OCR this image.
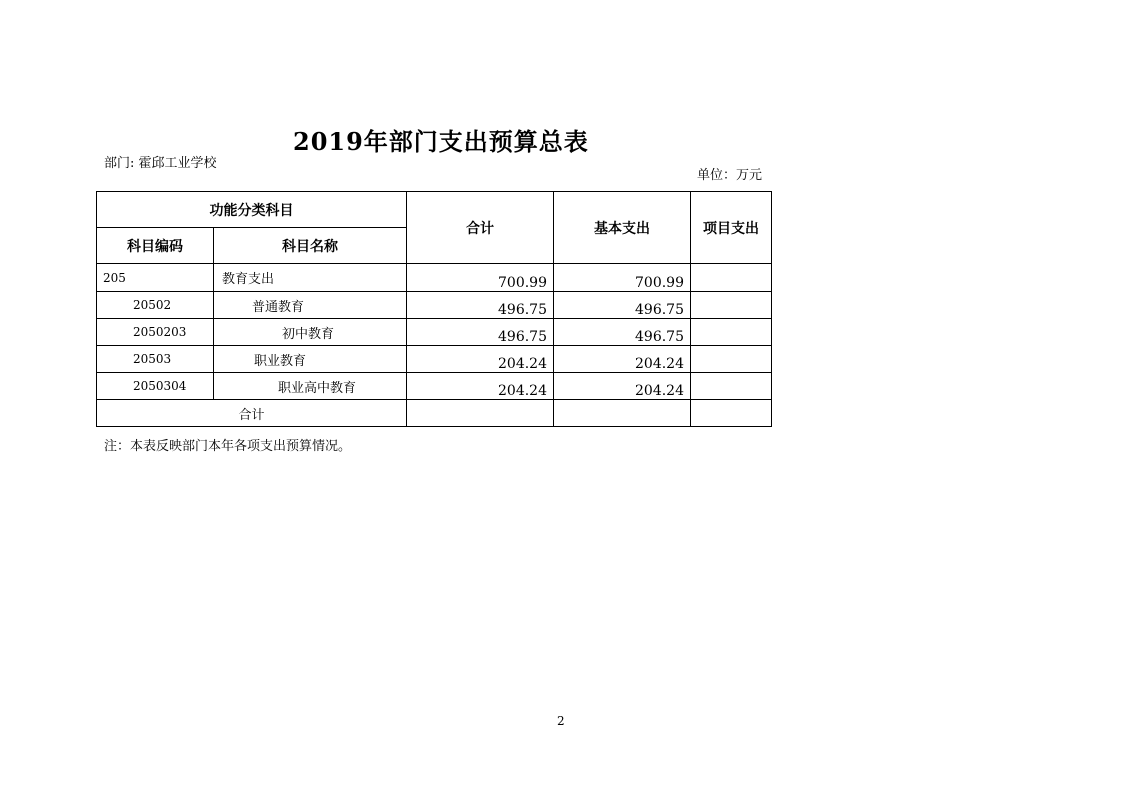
2019年部门支出预算总表
部门: 霍邱工业学校
单位：万元
功能分类科目		合计	基本支出	项目支出
科目编码	科目名称			
205	教育支出	700.99	700.99	
20502	普通教育	496.75	496.75	
2050203	初中教育	496.75	496.75	
20503	职业教育	204.24	204.24	
2050304	职业高中教育	204.24	204.24	
合计				
注：本表反映部门本年各项支出预算情况。
2
